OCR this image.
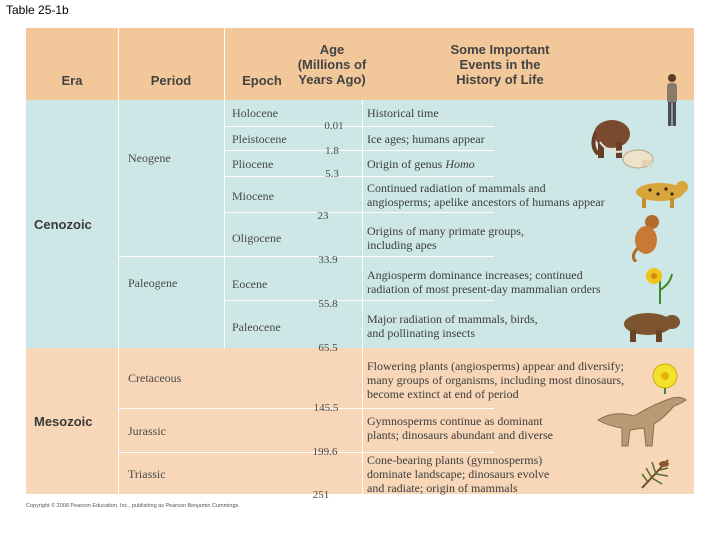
Table 25-1b
Era	Period	Epoch
Age
(Millions of
Years Ago)
Some Important
Events in the
History of Life
Cenozoic
Mesozoic
Neogene
Paleogene
Cretaceous
Jurassic
Triassic
Holocene
Pleistocene
Pliocene
Miocene
Oligocene
Eocene
Paleocene
0.01
1.8
5.3
23
33.9
55.8
65.5
145.5
199.6
251
Historical time
Ice ages; humans appear
Origin of genus Homo
Continued radiation of mammals and
angiosperms; apelike ancestors of humans appear
Origins of many primate groups,
including apes
Angiosperm dominance increases; continued
radiation of most present-day mammalian orders
Major radiation of mammals, birds,
and pollinating insects
Flowering plants (angiosperms) appear and diversify;
many groups of organisms, including most dinosaurs,
become extinct at end of period
Gymnosperms continue as dominant
plants; dinosaurs abundant and diverse
Cone-bearing plants (gymnosperms)
dominate landscape; dinosaurs evolve
and radiate; origin of mammals
Copyright © 2008 Pearson Education, Inc., publishing as Pearson Benjamin Cummings.
